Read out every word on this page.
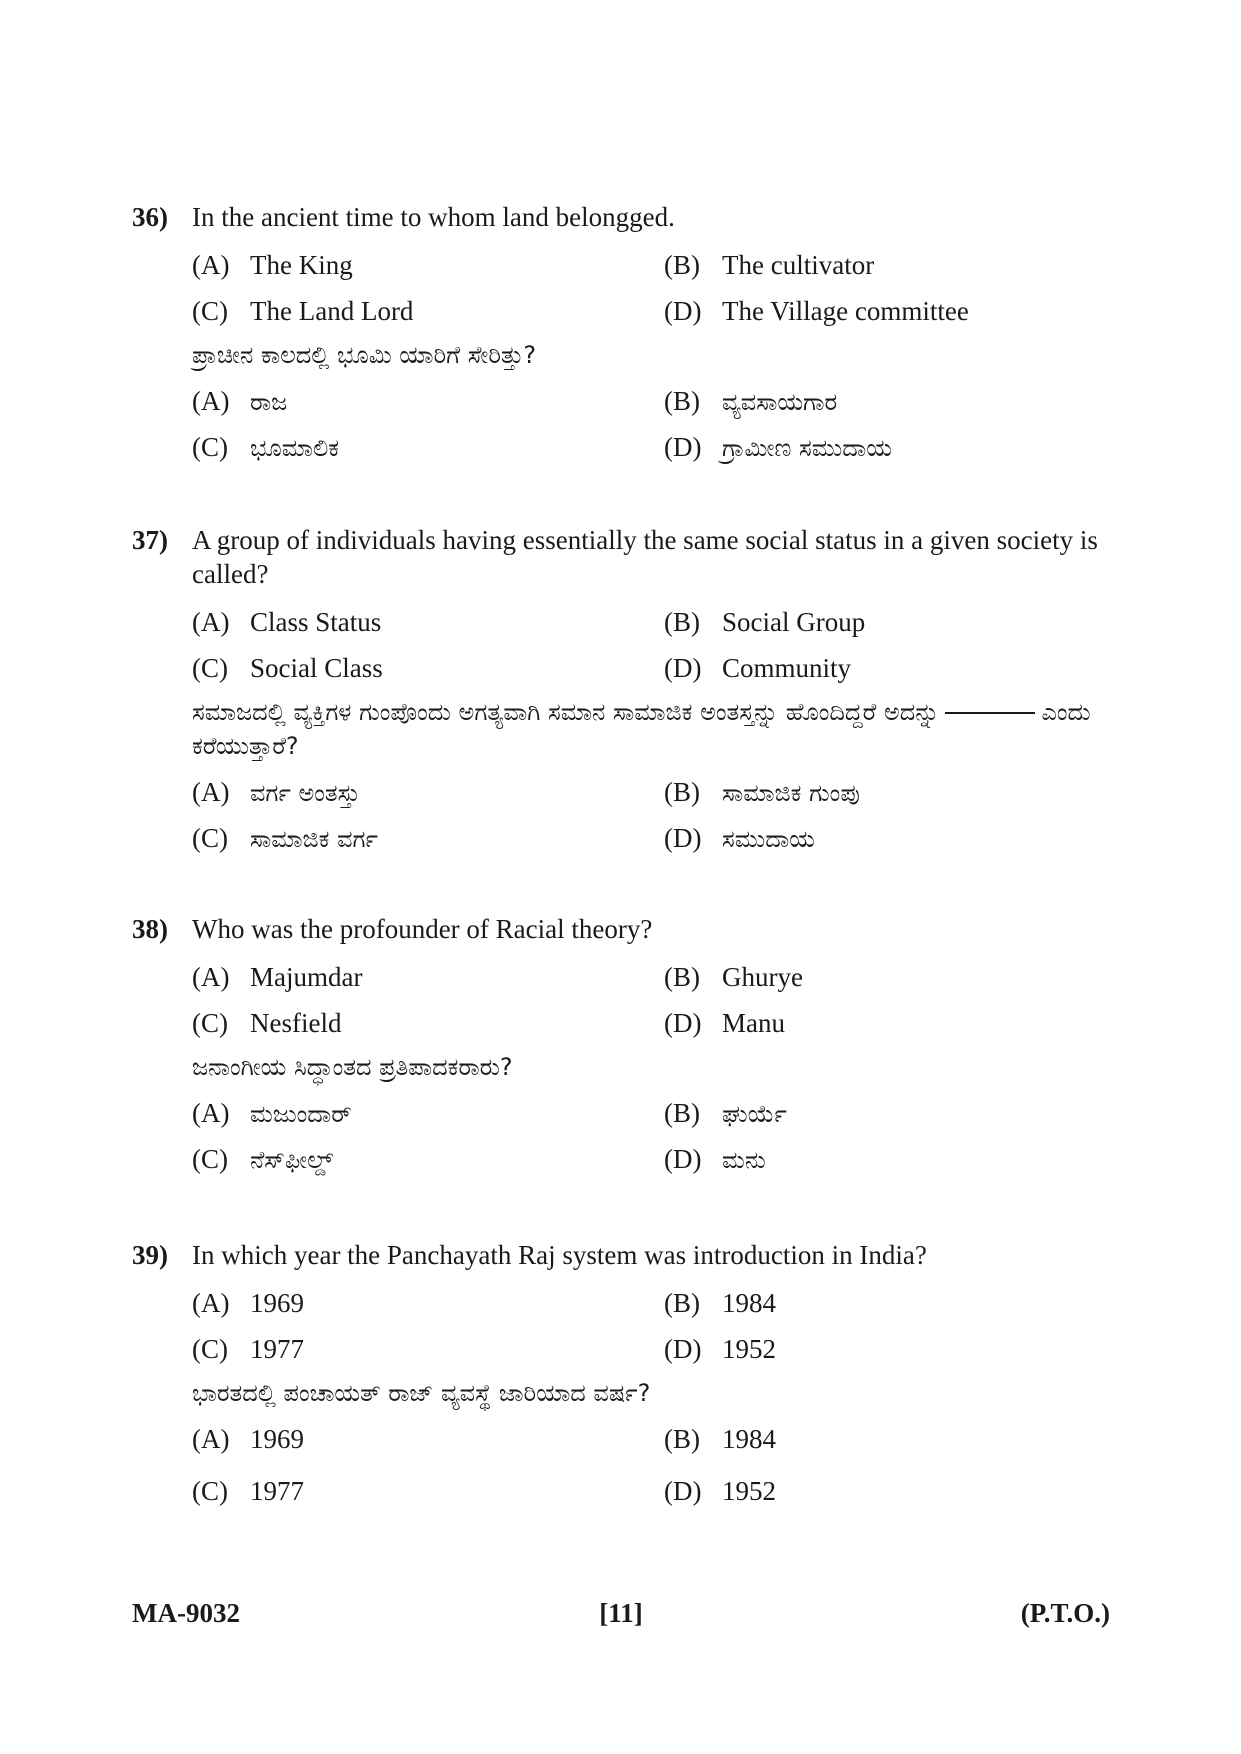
36) In the ancient time to whom land belongged.
(A) The King	(B) The cultivator
(C) The Land Lord	(D) The Village committee
ಪ್ರಾಚೀನ ಕಾಲದಲ್ಲಿ ಭೂಮಿ ಯಾರಿಗೆ ಸೇರಿತ್ತು?
(A) ರಾಜ	(B) ವ್ಯವಸಾಯಗಾರ
(C) ಭೂಮಾಲಿಕ	(D) ಗ್ರಾಮೀಣ ಸಮುದಾಯ
37) A group of individuals having essentially the same social status in a given society is called?
(A) Class Status	(B) Social Group
(C) Social Class	(D) Community
ಸಮಾಜದಲ್ಲಿ ವ್ಯಕ್ತಿಗಳ ಗುಂಪೊಂದು ಅಗತ್ಯವಾಗಿ ಸಮಾನ ಸಾಮಾಜಿಕ ಅಂತಸ್ತನ್ನು ಹೊಂದಿದ್ದರೆ ಅದನ್ನು	ಎಂದು ಕರೆಯುತ್ತಾರೆ?
(A) ವರ್ಗ ಅಂತಸ್ತು	(B) ಸಾಮಾಜಿಕ ಗುಂಪು
(C) ಸಾಮಾಜಿಕ ವರ್ಗ	(D) ಸಮುದಾಯ
38) Who was the profounder of Racial theory?
(A) Majumdar	(B) Ghurye
(C) Nesfield	(D) Manu
ಜನಾಂಗೀಯ ಸಿದ್ಧಾಂತದ ಪ್ರತಿಪಾದಕರಾರು?
(A) ಮಜುಂದಾರ್	(B) ಘುರ್ಯೆ
(C) ನೆಸ್‌ಫೀಲ್ಡ್	(D) ಮನು
39) In which year the Panchayath Raj system was introduction in India?
(A) 1969	(B) 1984
(C) 1977	(D) 1952
ಭಾರತದಲ್ಲಿ ಪಂಚಾಯತ್ ರಾಜ್ ವ್ಯವಸ್ಥೆ ಜಾರಿಯಾದ ವರ್ಷ?
(A) 1969	(B) 1984
(C) 1977	(D) 1952
MA-9032	[11]	(P.T.O.)
